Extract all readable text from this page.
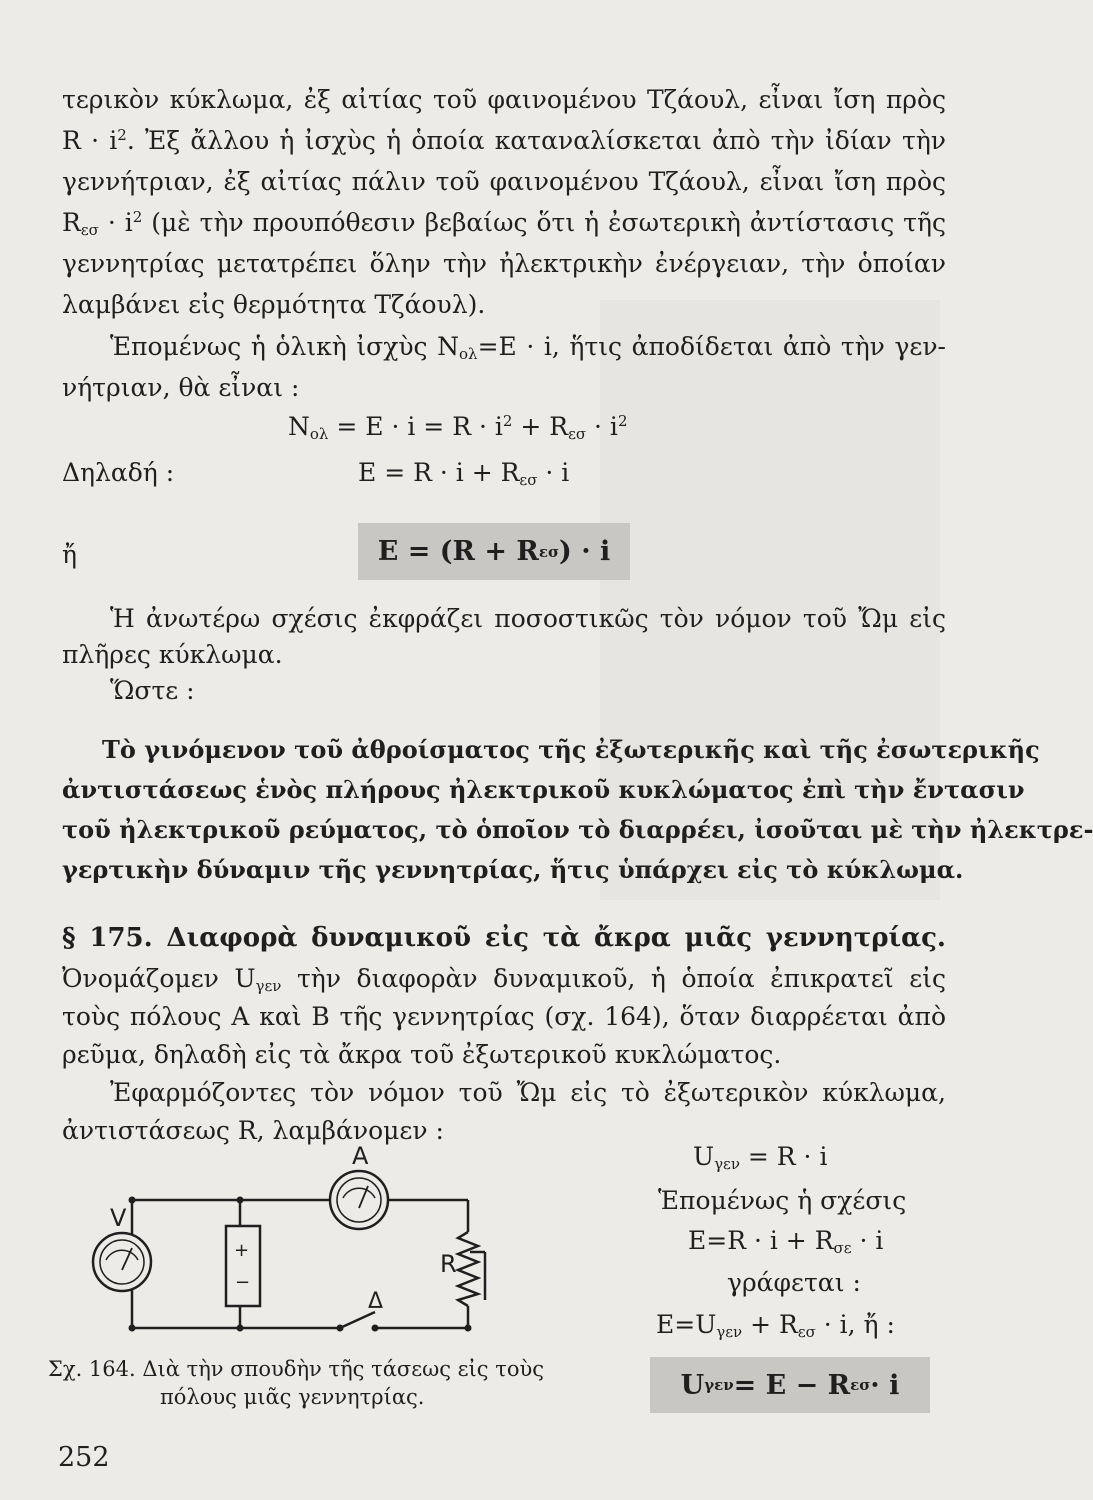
τερικὸν κύκλωμα, ἐξ αἰτίας τοῦ φαινομένου Τζάουλ, εἶναι ἴση πρὸς
$R \cdot i^2$. Ἐξ ἄλλου ἡ ἰσχὺς ἡ ὁποία καταναλίσκεται ἀπὸ τὴν ἰδίαν τὴν
γεννήτριαν, ἐξ αἰτίας πάλιν τοῦ φαινομένου Τζάουλ, εἶναι ἴση πρὸς
$R_{\varepsilon\sigma} \cdot i^2$ (μὲ τὴν προυπόθεσιν βεβαίως ὅτι ἡ ἐσωτερικὴ ἀντίστασις τῆς
γεννητρίας μετατρέπει ὅλην τὴν ἠλεκτρικὴν ἐνέργειαν, τὴν ὁποίαν
λαμβάνει εἰς θερμότητα Τζάουλ).
Ἑπομένως ἡ ὁλικὴ ἰσχὺς $N_{o\lambda}=E \cdot i$, ἥτις ἀποδίδεται ἀπὸ τὴν γεν-
νήτριαν, θὰ εἶναι :
$N_{o\lambda} = E \cdot i = R \cdot i^2 + R_{\varepsilon\sigma} \cdot i^2$
Δηλαδή :	$E = R \cdot i + R_{\varepsilon\sigma} \cdot i$
ἤ	E = (R + R εσ ) · i
Ἡ ἀνωτέρω σχέσις ἐκφράζει ποσοστικῶς τὸν νόμον τοῦ Ὤμ εἰς
πλῆρες κύκλωμα.
Ὥστε :
Τὸ γινόμενον τοῦ ἀθροίσματος τῆς ἐξωτερικῆς καὶ τῆς ἐσωτερικῆς
ἀντιστάσεως ἑνὸς πλήρους ἠλεκτρικοῦ κυκλώματος ἐπὶ τὴν ἔντασιν
τοῦ ἠλεκτρικοῦ ρεύματος, τὸ ὁποῖον τὸ διαρρέει, ἰσοῦται μὲ τὴν ἠλεκτρε-
γερτικὴν δύναμιν τῆς γεννητρίας, ἥτις ὑπάρχει εἰς τὸ κύκλωμα.
§ 175. Διαφορὰ δυναμικοῦ εἰς τὰ ἄκρα μιᾶς γεννητρίας.
Ὀνομάζομεν $U_{\gamma\varepsilon\nu}$ τὴν διαφορὰν δυναμικοῦ, ἡ ὁποία ἐπικρατεῖ εἰς
τοὺς πόλους A καὶ B τῆς γεννητρίας (σχ. 164), ὅταν διαρρέεται ἀπὸ
ρεῦμα, δηλαδὴ εἰς τὰ ἄκρα τοῦ ἐξωτερικοῦ κυκλώματος.
Ἐφαρμόζοντες τὸν νόμον τοῦ Ὤμ εἰς τὸ ἐξωτερικὸν κύκλωμα,
ἀντιστάσεως R, λαμβάνομεν :
$U_{\gamma\varepsilon\nu} = R \cdot i$
Ἑπομένως ἡ σχέσις
$E=R \cdot i + R_{\sigma\varepsilon} \cdot i$
γράφεται :
$E=U_{\gamma\varepsilon\nu} + R_{\varepsilon\sigma} \cdot i$, ἤ :
U γεν = E − R εσ · i
A
V
R
Δ
+
−
Σχ. 164. Διὰ τὴν σπουδὴν τῆς τάσεως εἰς τοὺς
πόλους μιᾶς γεννητρίας.
252
